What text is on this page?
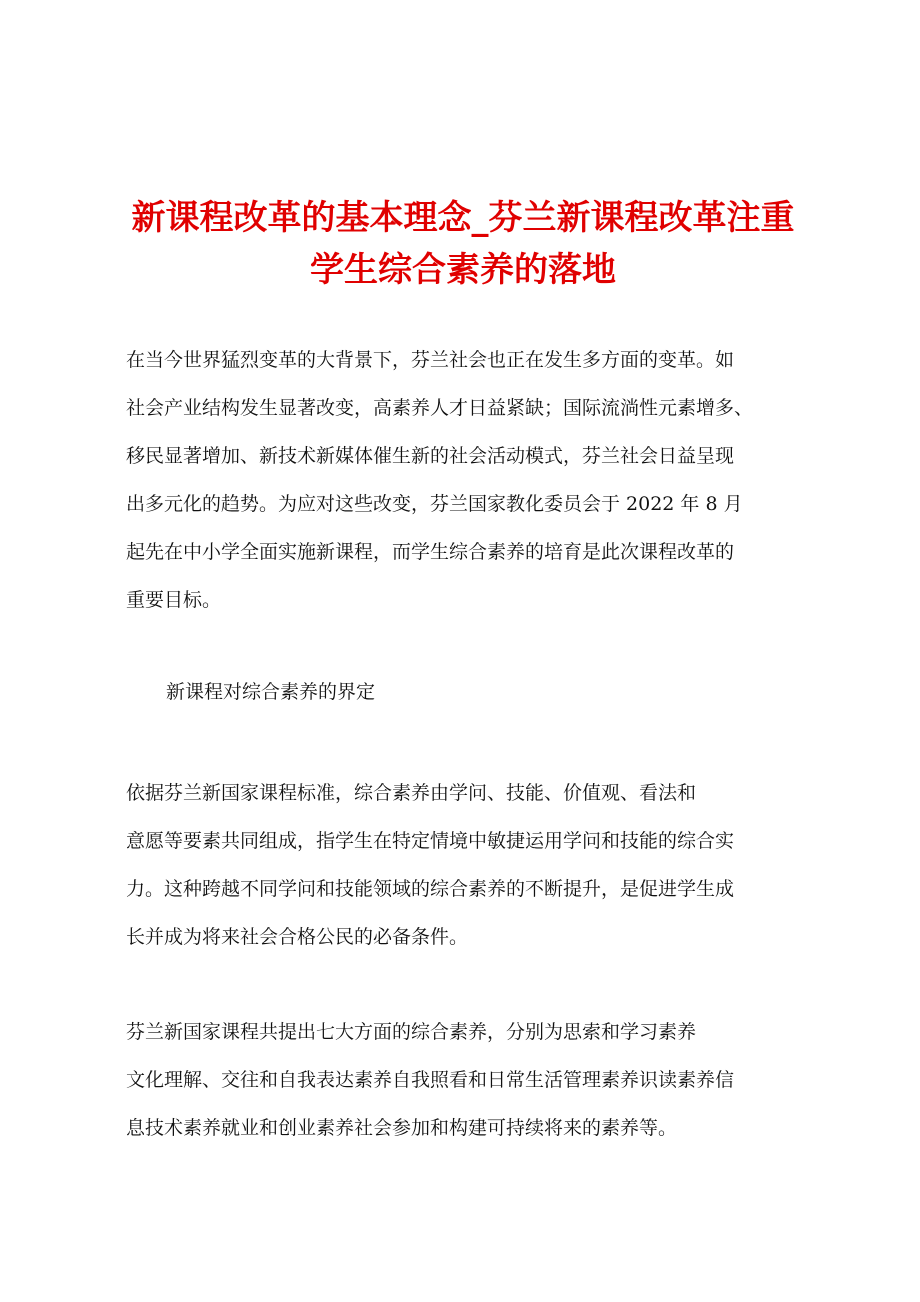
新课程改革的基本理念_芬兰新课程改革注重
学生综合素养的落地

在当今世界猛烈变革的大背景下，芬兰社会也正在发生多方面的变革。如
社会产业结构发生显著改变，高素养人才日益紧缺；国际流淌性元素增多、
移民显著增加、新技术新媒体催生新的社会活动模式，芬兰社会日益呈现
出多元化的趋势。为应对这些改变，芬兰国家教化委员会于 2022 年 8 月
起先在中小学全面实施新课程，而学生综合素养的培育是此次课程改革的
重要目标。

新课程对综合素养的界定

依据芬兰新国家课程标准，综合素养由学问、技能、价值观、看法和
意愿等要素共同组成，指学生在特定情境中敏捷运用学问和技能的综合实
力。这种跨越不同学问和技能领域的综合素养的不断提升，是促进学生成
长并成为将来社会合格公民的必备条件。

芬兰新国家课程共提出七大方面的综合素养，分别为思索和学习素养
文化理解、交往和自我表达素养自我照看和日常生活管理素养识读素养信
息技术素养就业和创业素养社会参加和构建可持续将来的素养等。
